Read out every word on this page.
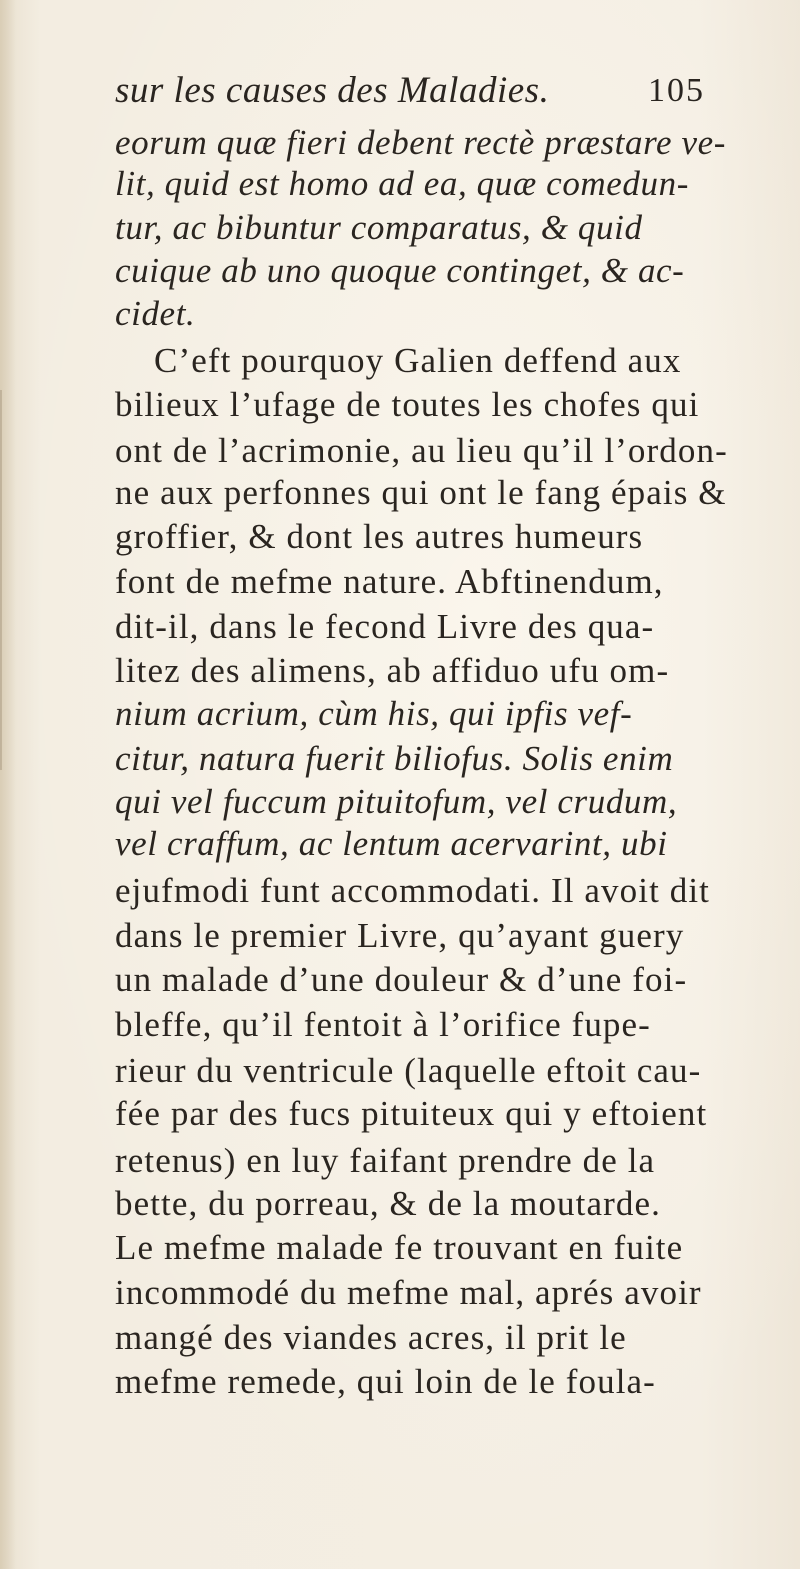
sur les causes des Maladies.	105
eorum quæ fieri debent rectè præstare ve-
lit, quid est homo ad ea, quæ comedun-
tur, ac bibuntur comparatus, & quid
cuique ab uno quoque continget, & ac-
cidet.
C’eft pourquoy Galien deffend aux
bilieux l’ufage de toutes les chofes qui
ont de l’acrimonie, au lieu qu’il l’ordon-
ne aux perfonnes qui ont le fang épais &
groffier, & dont les autres humeurs
font de mefme nature. Abftinendum,
dit-il, dans le fecond Livre des qua-
litez des alimens, ab affiduo ufu om-
nium acrium, cùm his, qui ipfis vef-
citur, natura fuerit biliofus. Solis enim
qui vel fuccum pituitofum, vel crudum,
vel craffum, ac lentum acervarint, ubi
ejufmodi funt accommodati. Il avoit dit
dans le premier Livre, qu’ayant guery
un malade d’une douleur & d’une foi-
bleffe, qu’il fentoit à l’orifice fupe-
rieur du ventricule (laquelle eftoit cau-
fée par des fucs pituiteux qui y eftoient
retenus) en luy faifant prendre de la
bette, du porreau, & de la moutarde.
Le mefme malade fe trouvant en fuite
incommodé du mefme mal, aprés avoir
mangé des viandes acres, il prit le
mefme remede, qui loin de le foula-
